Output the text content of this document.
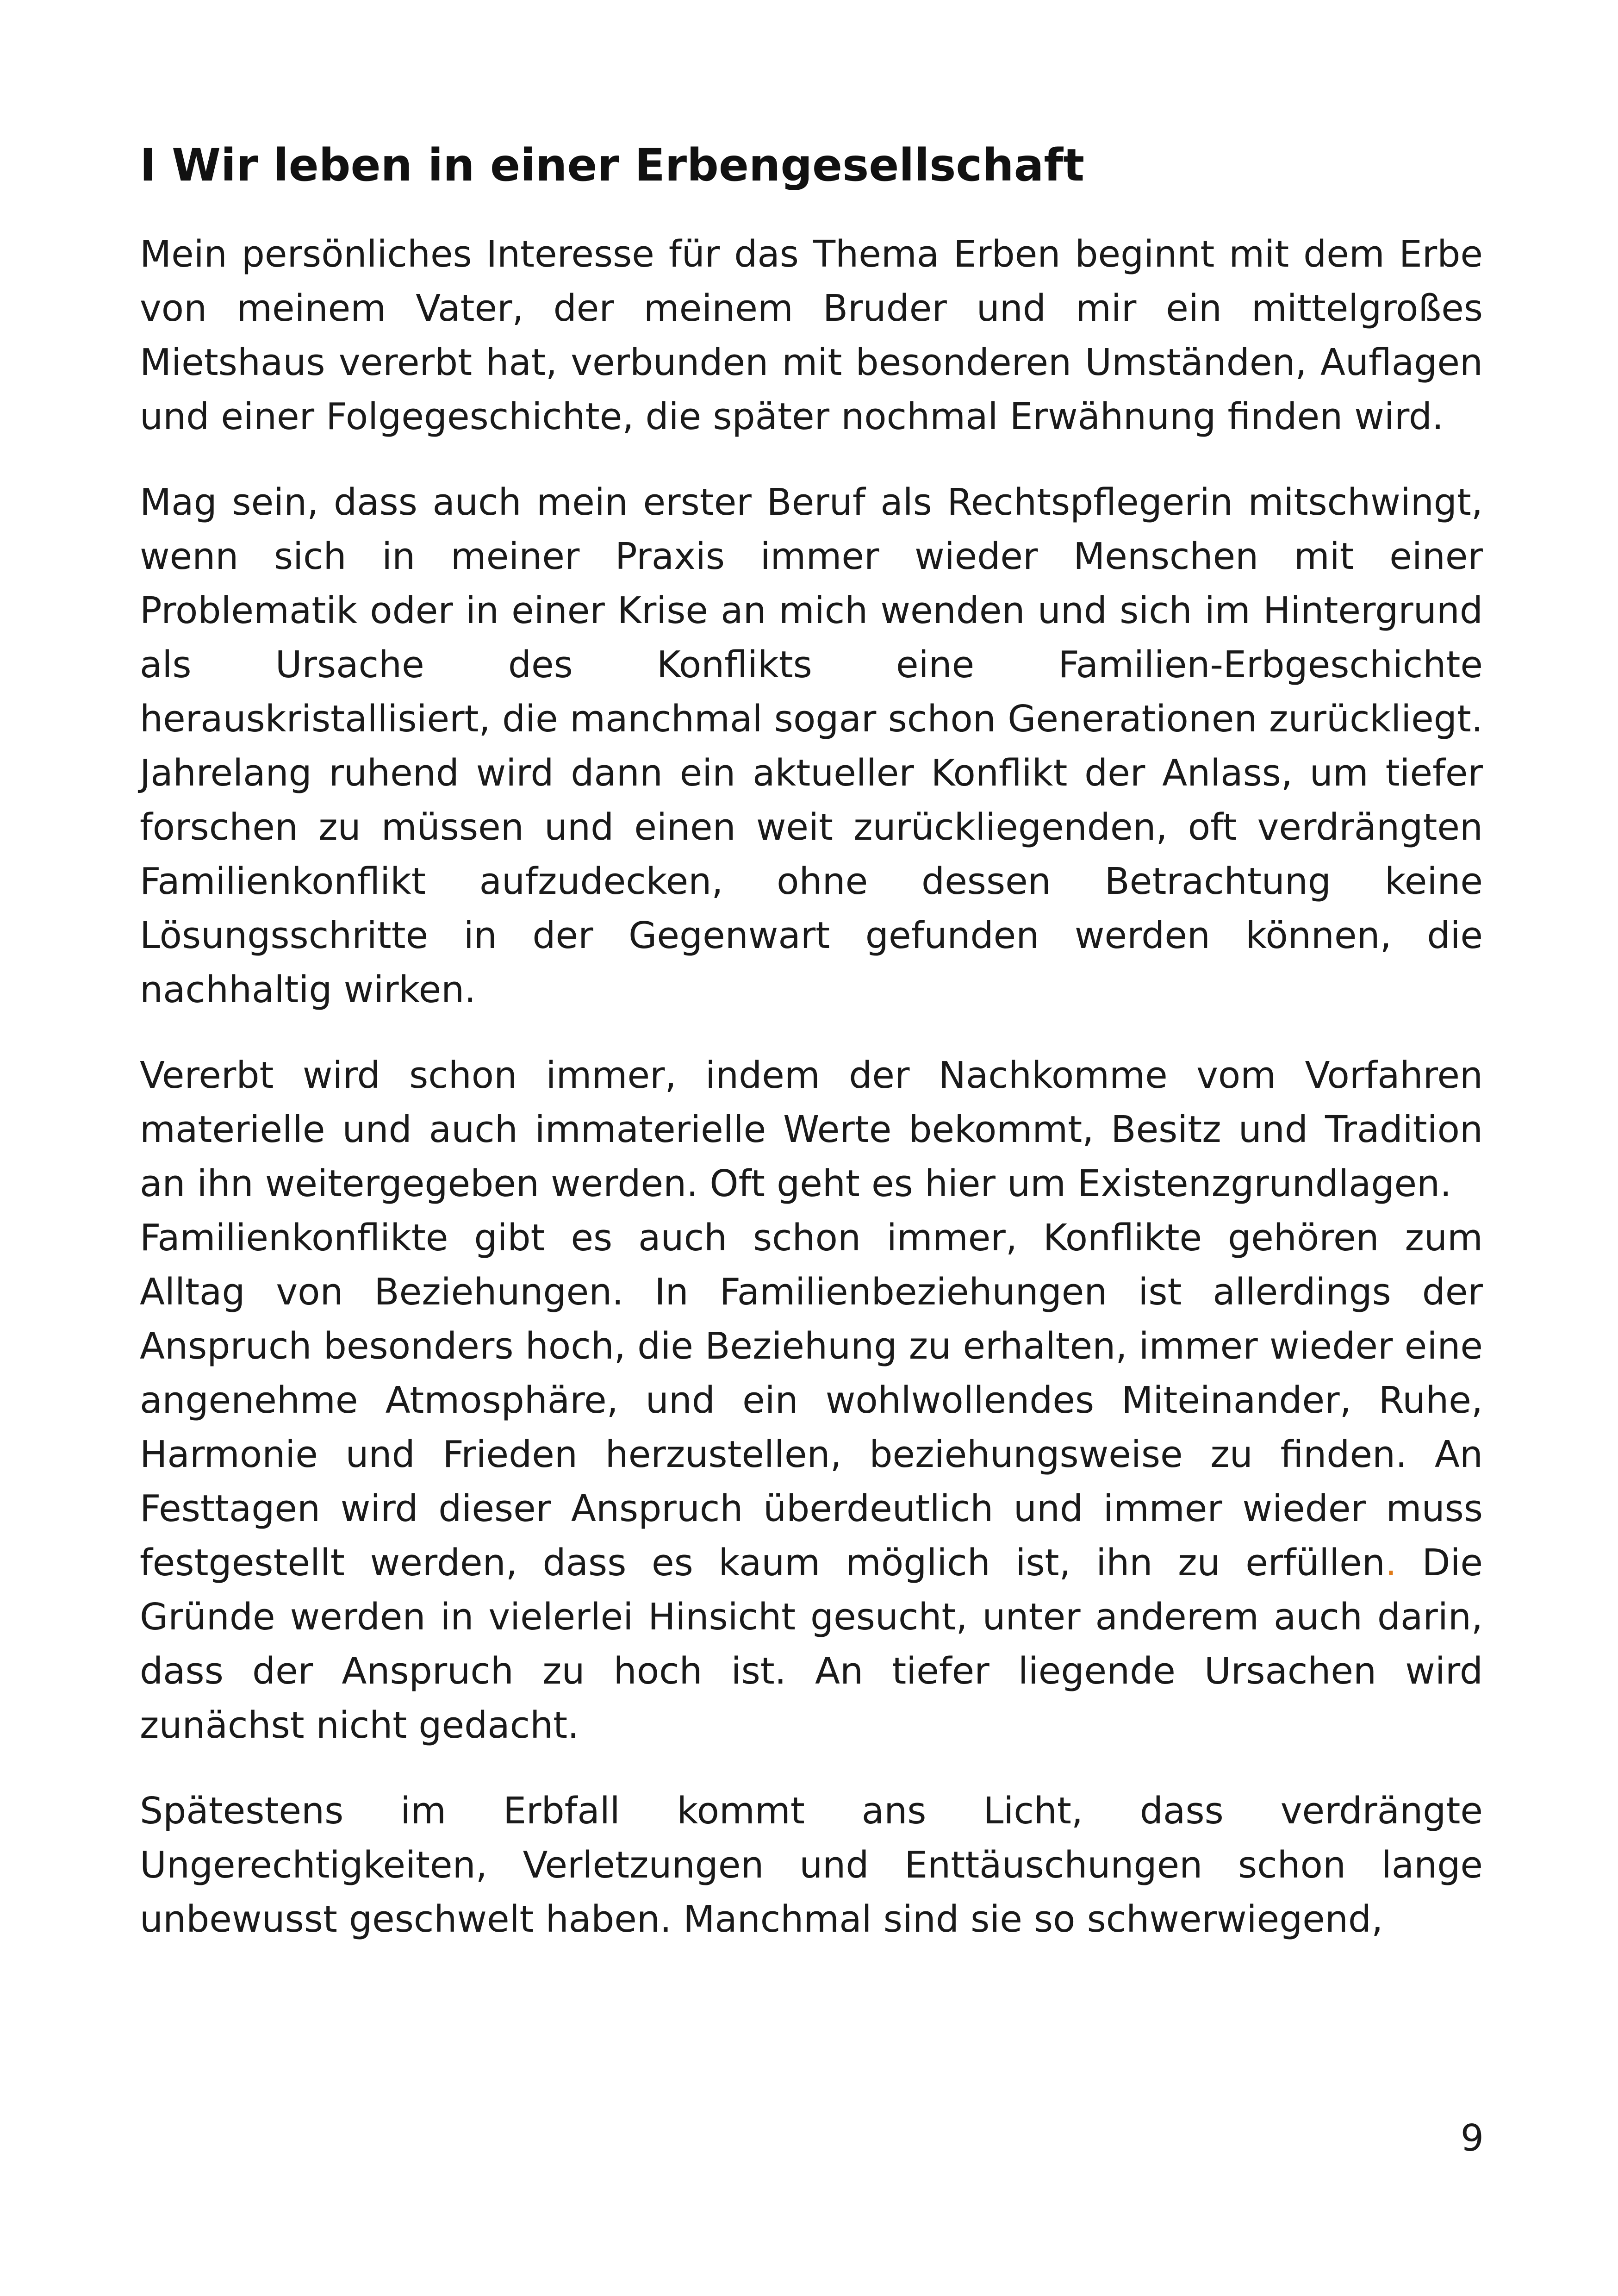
I Wir leben in einer Erbengesellschaft

Mein persönliches Interesse für das Thema Erben beginnt mit dem Erbe von meinem Vater, der meinem Bruder und mir ein mittelgroßes Mietshaus vererbt hat, verbunden mit besonderen Umständen, Auflagen und einer Folgegeschichte, die später nochmal Erwähnung finden wird.

Mag sein, dass auch mein erster Beruf als Rechtspflegerin mitschwingt, wenn sich in meiner Praxis immer wieder Menschen mit einer Problematik oder in einer Krise an mich wenden und sich im Hintergrund als Ursache des Konflikts eine Familien-Erbgeschichte herauskristallisiert, die manchmal sogar schon Generationen zurückliegt. Jahrelang ruhend wird dann ein aktueller Konflikt der Anlass, um tiefer forschen zu müssen und einen weit zurückliegenden, oft verdrängten Familienkonflikt aufzudecken, ohne dessen Betrachtung keine Lösungsschritte in der Gegenwart gefunden werden können, die nachhaltig wirken.

Vererbt wird schon immer, indem der Nachkomme vom Vorfahren materielle und auch immaterielle Werte bekommt, Besitz und Tradition an ihn weitergegeben werden. Oft geht es hier um Existenzgrundlagen.

Familienkonflikte gibt es auch schon immer, Konflikte gehören zum Alltag von Beziehungen. In Familienbeziehungen ist allerdings der Anspruch besonders hoch, die Beziehung zu erhalten, immer wieder eine angenehme Atmosphäre, und ein wohlwollendes Miteinander, Ruhe, Harmonie und Frieden herzustellen, beziehungsweise zu finden. An Festtagen wird dieser Anspruch überdeutlich und immer wieder muss festgestellt werden, dass es kaum möglich ist, ihn zu erfüllen. Die Gründe werden in vielerlei Hinsicht gesucht, unter anderem auch darin, dass der Anspruch zu hoch ist. An tiefer liegende Ursachen wird zunächst nicht gedacht.

Spätestens im Erbfall kommt ans Licht, dass verdrängte Ungerechtigkeiten, Verletzungen und Enttäuschungen schon lange unbewusst geschwelt haben. Manchmal sind sie so schwerwiegend,

9
